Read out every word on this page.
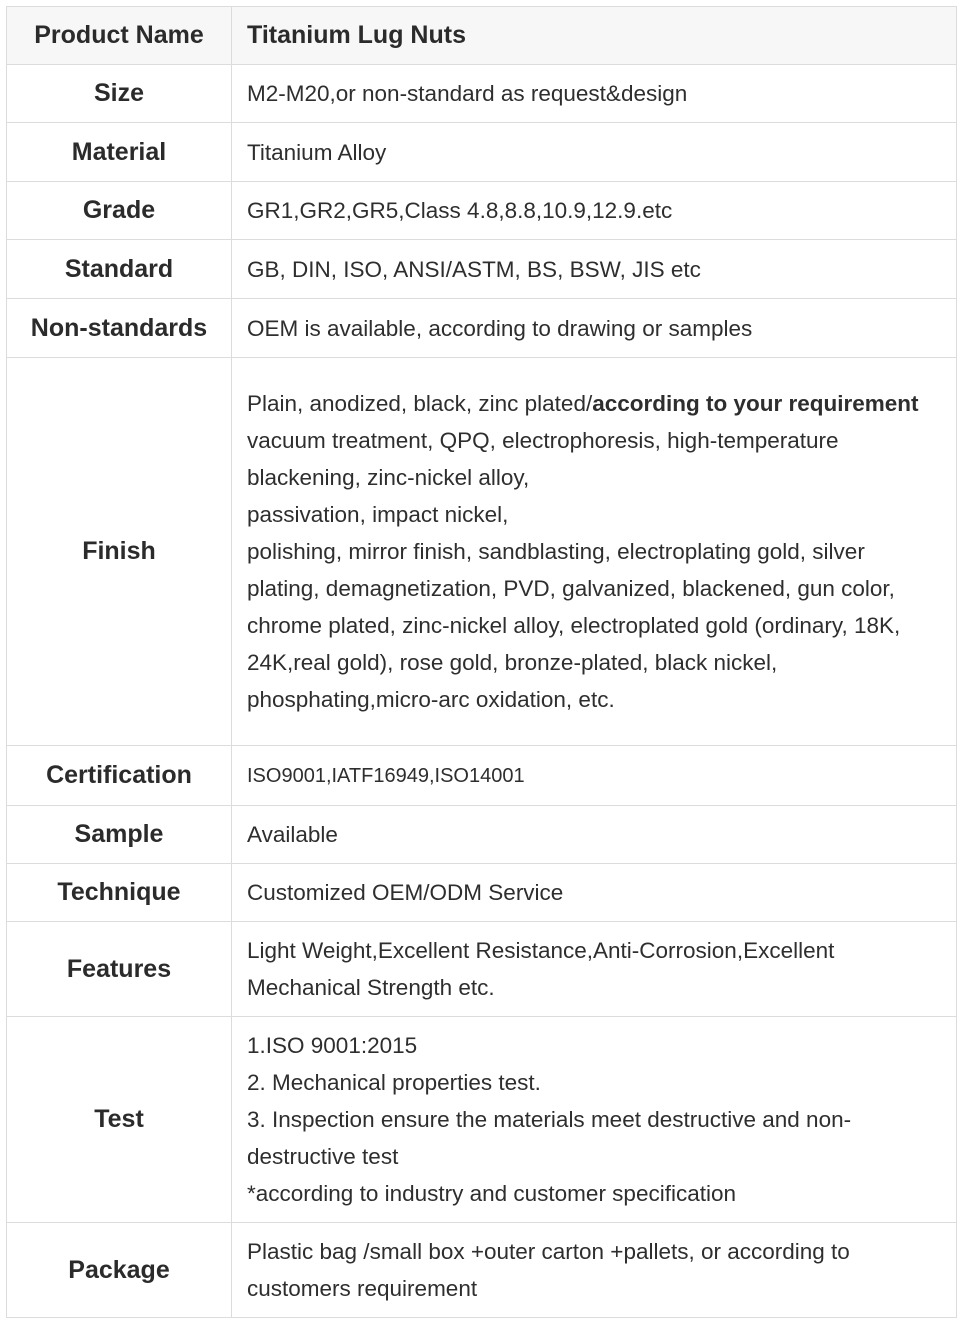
Product Name	Titanium Lug Nuts
Size	M2-M20,or non-standard as request&design
Material	Titanium Alloy
Grade	GR1,GR2,GR5,Class 4.8,8.8,10.9,12.9.etc
Standard	GB, DIN, ISO, ANSI/ASTM, BS, BSW, JIS etc
Non-standards	OEM is available, according to drawing or samples
Finish	Plain, anodized, black, zinc plated/according to your requirement
vacuum treatment, QPQ, electrophoresis, high-temperature blackening, zinc-nickel alloy,
passivation, impact nickel,
polishing, mirror finish, sandblasting, electroplating gold, silver plating, demagnetization, PVD, galvanized, blackened, gun color, chrome plated, zinc-nickel alloy, electroplated gold (ordinary, 18K, 24K,real gold), rose gold, bronze-plated, black nickel, phosphating,micro-arc oxidation, etc.

Certification	ISO9001,IATF16949,ISO14001
Sample	Available
Technique	Customized OEM/ODM Service
Features	Light Weight,Excellent Resistance,Anti-Corrosion,Excellent Mechanical Strength etc.
Test	1.ISO 9001:2015
2. Mechanical properties test.
3. Inspection ensure the materials meet destructive and non-destructive test
*according to industry and customer specification

Package	Plastic bag /small box +outer carton +pallets, or according to customers requirement
